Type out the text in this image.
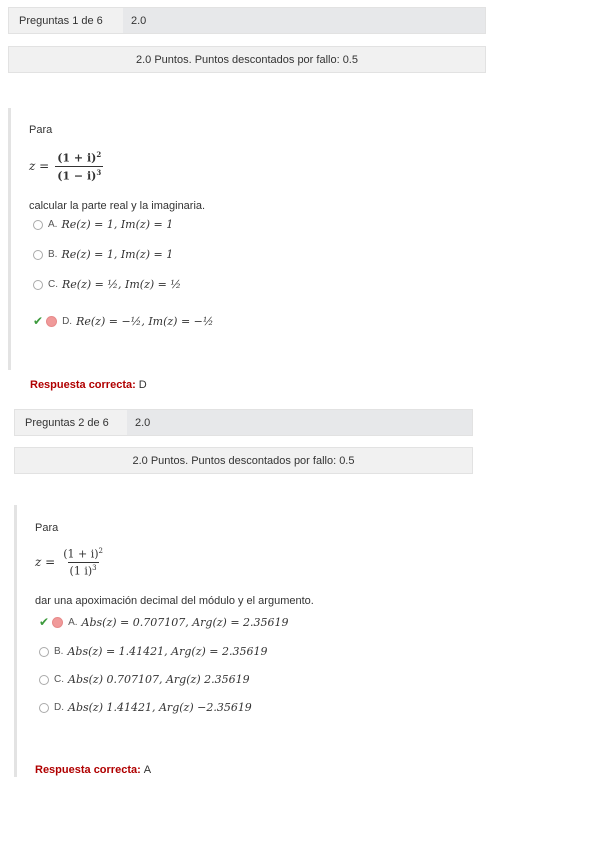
Preguntas 1 de 6	2.0
2.0 Puntos. Puntos descontados por fallo: 0.5
Para
$z = \frac{(1 + i)^2}{(1 - i)^3}$
calcular la parte real y la imaginaria.
A. Re(z) = 1, Im(z) = 1
B. Re(z) = 1, Im(z) = 1
C. Re(z) = ½, Im(z) = ½
✔ D. Re(z) = −½, Im(z) = −½
Respuesta correcta: D
Preguntas 2 de 6	2.0
2.0 Puntos. Puntos descontados por fallo: 0.5
Para
$z = \frac{(1 + i)^2}{(1 i)^3}$
dar una apoximación decimal del módulo y el argumento.
✔ A. Abs(z) = 0.707107, Arg(z) = 2.35619
B. Abs(z) = 1.41421, Arg(z) = 2.35619
C. Abs(z) 0.707107, Arg(z) 2.35619
D. Abs(z) 1.41421, Arg(z) −2.35619
Respuesta correcta: A
